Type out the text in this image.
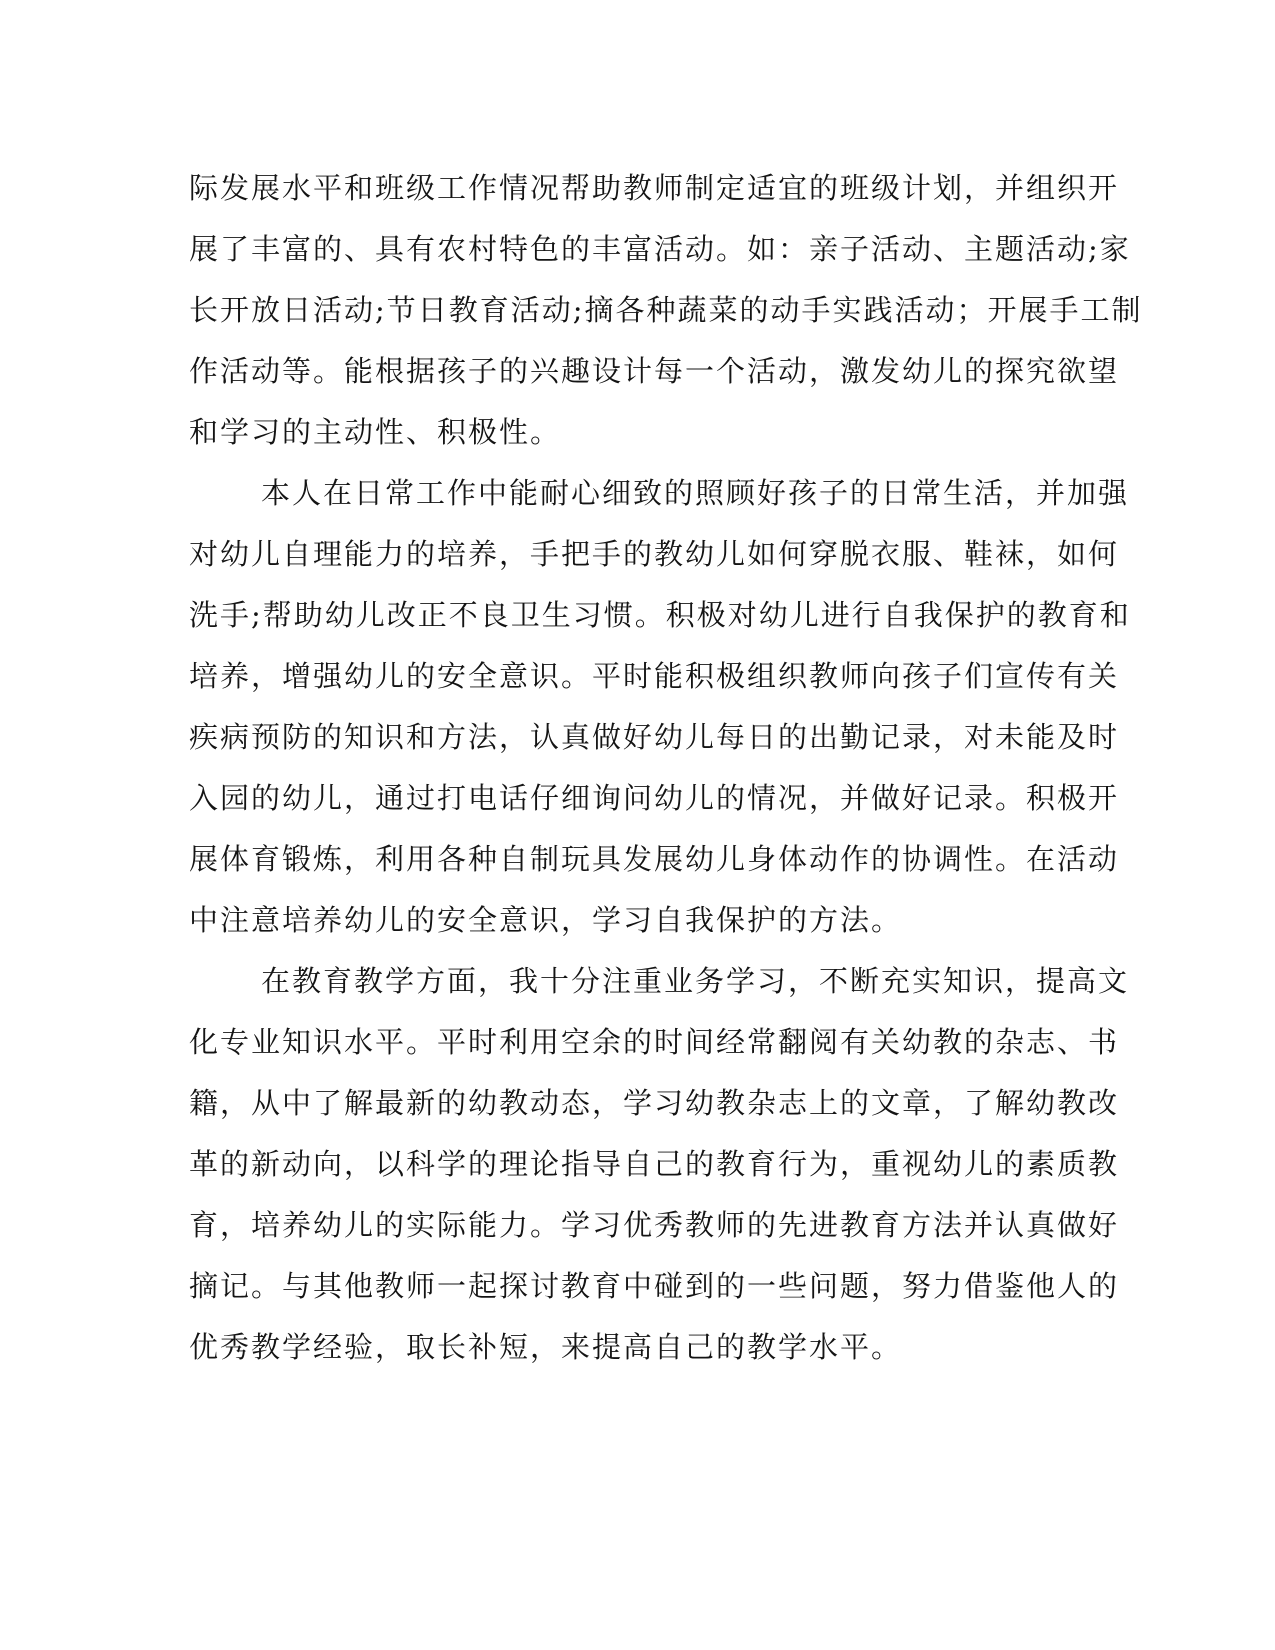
际发展水平和班级工作情况帮助教师制定适宜的班级计划，并组织开
展了丰富的、具有农村特色的丰富活动。如：亲子活动、主题活动;家
长开放日活动;节日教育活动;摘各种蔬菜的动手实践活动；开展手工制
作活动等。能根据孩子的兴趣设计每一个活动，激发幼儿的探究欲望
和学习的主动性、积极性。
本人在日常工作中能耐心细致的照顾好孩子的日常生活，并加强
对幼儿自理能力的培养，手把手的教幼儿如何穿脱衣服、鞋袜，如何
洗手;帮助幼儿改正不良卫生习惯。积极对幼儿进行自我保护的教育和
培养，增强幼儿的安全意识。平时能积极组织教师向孩子们宣传有关
疾病预防的知识和方法，认真做好幼儿每日的出勤记录，对未能及时
入园的幼儿，通过打电话仔细询问幼儿的情况，并做好记录。积极开
展体育锻炼，利用各种自制玩具发展幼儿身体动作的协调性。在活动
中注意培养幼儿的安全意识，学习自我保护的方法。
在教育教学方面，我十分注重业务学习，不断充实知识，提高文
化专业知识水平。平时利用空余的时间经常翻阅有关幼教的杂志、书
籍，从中了解最新的幼教动态，学习幼教杂志上的文章，了解幼教改
革的新动向，以科学的理论指导自己的教育行为，重视幼儿的素质教
育，培养幼儿的实际能力。学习优秀教师的先进教育方法并认真做好
摘记。与其他教师一起探讨教育中碰到的一些问题，努力借鉴他人的
优秀教学经验，取长补短，来提高自己的教学水平。
